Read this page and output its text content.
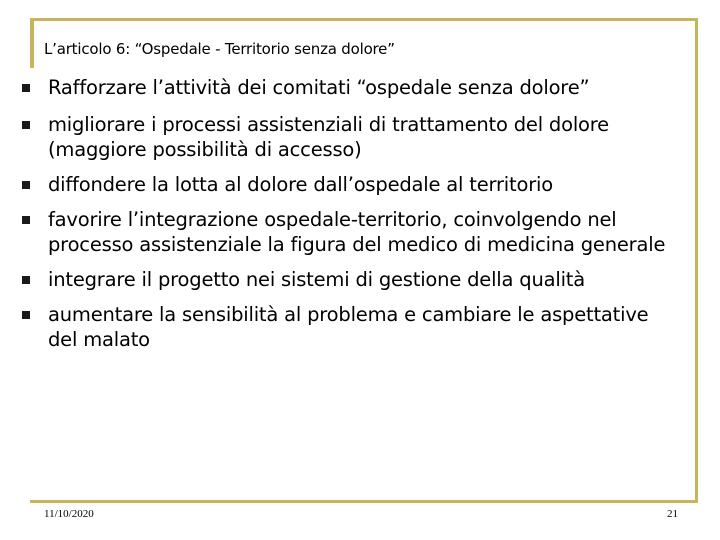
L’articolo 6: “Ospedale - Territorio senza dolore”
Rafforzare l’attività dei comitati “ospedale senza dolore”
migliorare i processi assistenziali di trattamento del dolore (maggiore possibilità di accesso)
diffondere la lotta al dolore dall’ospedale al territorio
favorire l’integrazione ospedale-territorio, coinvolgendo nel processo assistenziale la figura del medico di medicina generale
integrare il progetto nei sistemi di gestione della qualità
aumentare la sensibilità al problema e cambiare le aspettative del malato
11/10/2020	21
